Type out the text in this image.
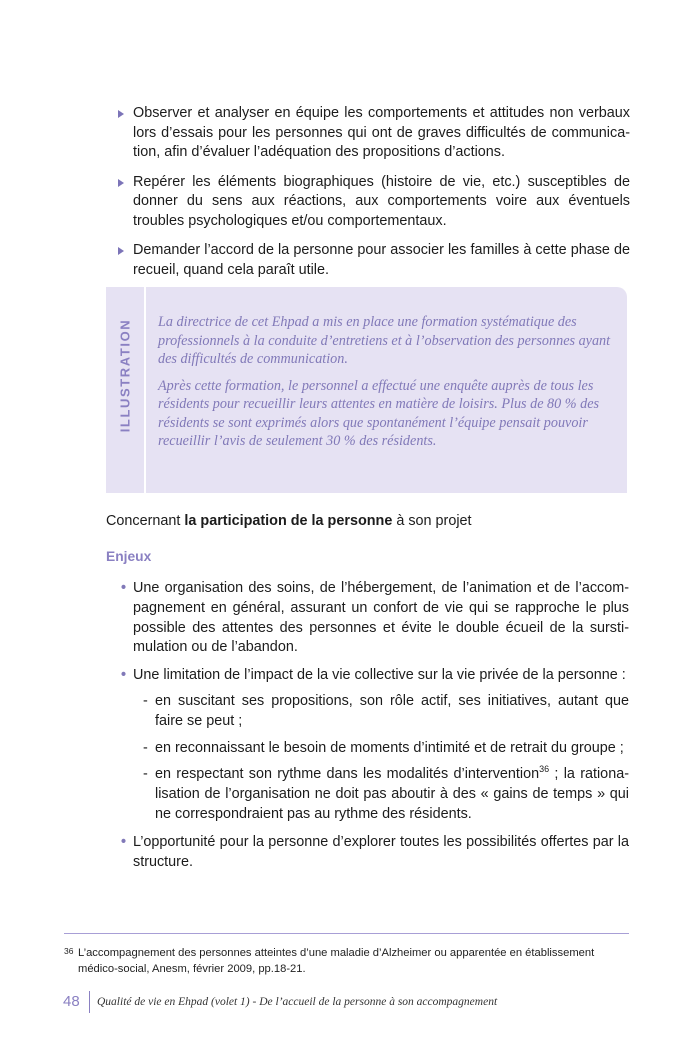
Observer et analyser en équipe les comportements et attitudes non verbaux lors d’essais pour les personnes qui ont de graves difficultés de communication, afin d’évaluer l’adéquation des propositions d’actions.
Repérer les éléments biographiques (histoire de vie, etc.) susceptibles de donner du sens aux réactions, aux comportements voire aux éventuels troubles psychologiques et/ou comportementaux.
Demander l’accord de la personne pour associer les familles à cette phase de recueil, quand cela paraît utile.
ILLUSTRATION La directrice de cet Ehpad a mis en place une formation systématique des professionnels à la conduite d’entretiens et à l’observation des personnes ayant des difficultés de communication.

Après cette formation, le personnel a effectué une enquête auprès de tous les résidents pour recueillir leurs attentes en matière de loisirs. Plus de 80 % des résidents se sont exprimés alors que spontanément l’équipe pensait pouvoir recueillir l’avis de seulement 30 % des résidents.

Concernant la participation de la personne à son projet
Enjeux
• Une organisation des soins, de l’hébergement, de l’animation et de l’accompagnement en général, assurant un confort de vie qui se rapproche le plus possible des attentes des personnes et évite le double écueil de la surstimulation ou de l’abandon.
• Une limitation de l’impact de la vie collective sur la vie privée de la personne :
- en suscitant ses propositions, son rôle actif, ses initiatives, autant que faire se peut ;
- en reconnaissant le besoin de moments d’intimité et de retrait du groupe ;
- en respectant son rythme dans les modalités d’intervention$^{36}$ ; la rationalisation de l’organisation ne doit pas aboutir à des « gains de temps » qui ne correspondraient pas au rythme des résidents.
• L’opportunité pour la personne d’explorer toutes les possibilités offertes par la structure.
36 L’accompagnement des personnes atteintes d’une maladie d’Alzheimer ou apparentée en établissement médico-social, Anesm, février 2009, pp.18-21.
48 Qualité de vie en Ehpad (volet 1) - De l’accueil de la personne à son accompagnement
